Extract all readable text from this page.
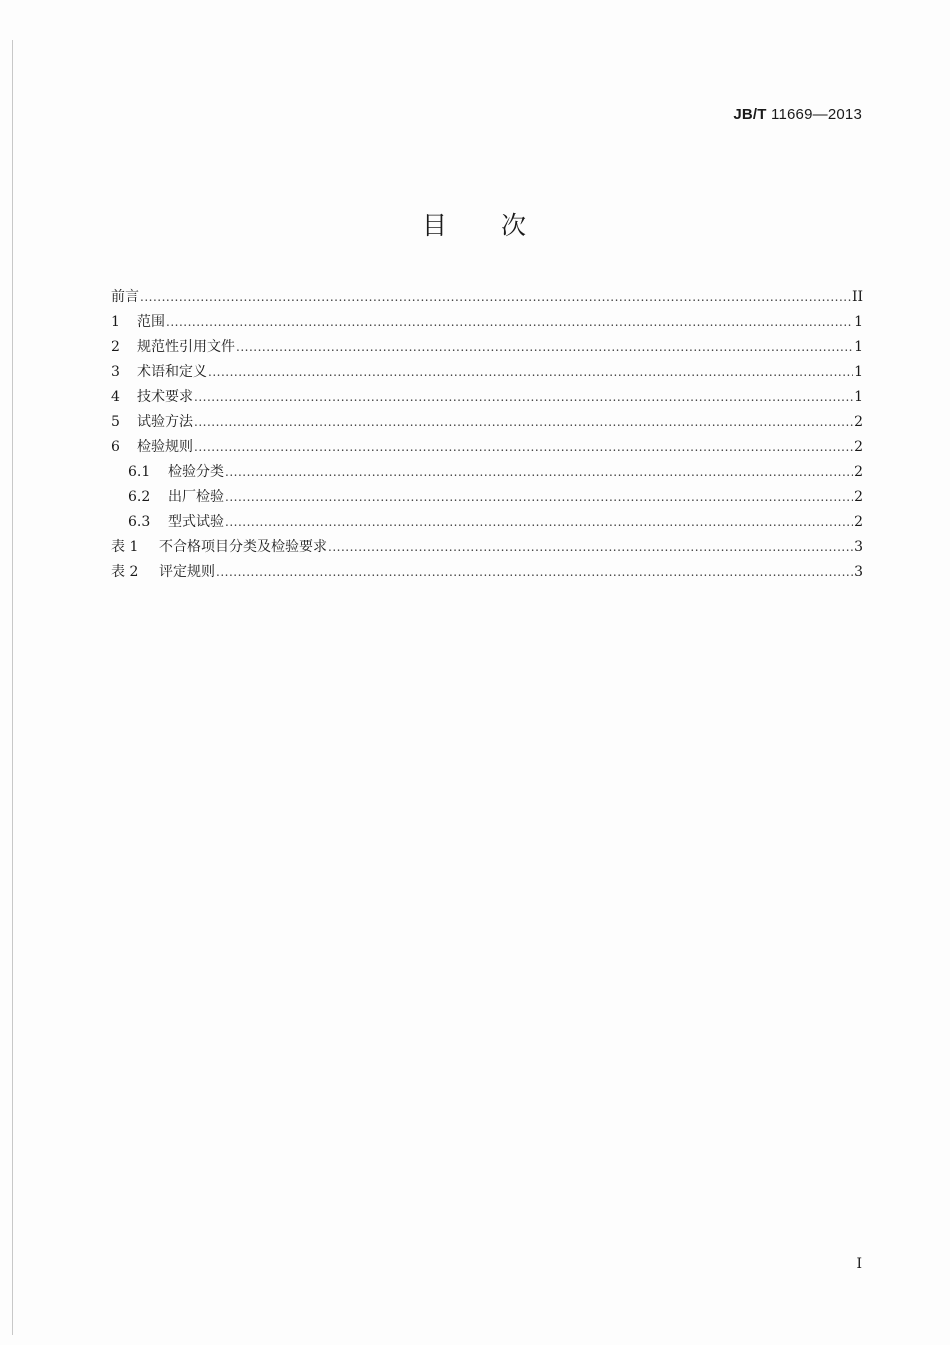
JB/T 11669—2013
目 次
前言 .....	II
1	范围 .....	1
2	规范性引用文件 .....	1
3	术语和定义 .....	1
4	技术要求 .....	1
5	试验方法 .....	2
6	检验规则 .....	2
6.1	检验分类 .....	2
6.2	出厂检验 .....	2
6.3	型式试验 .....	2
表 1	不合格项目分类及检验要求 .....	3
表 2	评定规则 .....	3
I
